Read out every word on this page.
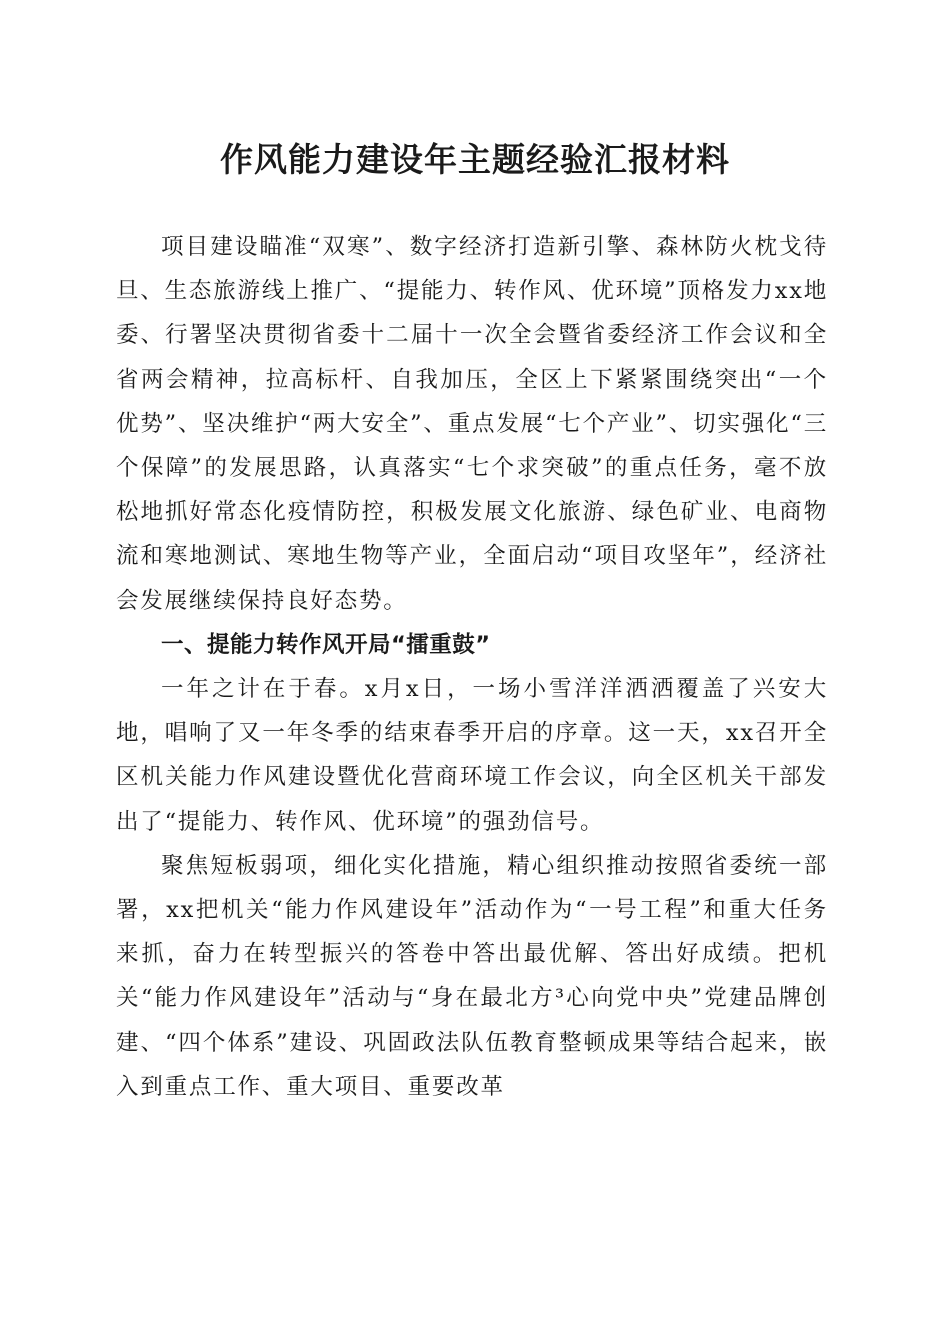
作风能力建设年主题经验汇报材料

项目建设瞄准“双寒”、数字经济打造新引擎、森林防火枕戈待旦、生态旅游线上推广、“提能力、转作风、优环境”顶格发力xx地委、行署坚决贯彻省委十二届十一次全会暨省委经济工作会议和全省两会精神，拉高标杆、自我加压，全区上下紧紧围绕突出“一个优势”、坚决维护“两大安全”、重点发展“七个产业”、切实强化“三个保障”的发展思路，认真落实“七个求突破”的重点任务，毫不放松地抓好常态化疫情防控，积极发展文化旅游、绿色矿业、电商物流和寒地测试、寒地生物等产业，全面启动“项目攻坚年”，经济社会发展继续保持良好态势。

一、提能力转作风开局“擂重鼓”

一年之计在于春。x月x日，一场小雪洋洋洒洒覆盖了兴安大地，唱响了又一年冬季的结束春季开启的序章。这一天，xx召开全区机关能力作风建设暨优化营商环境工作会议，向全区机关干部发出了“提能力、转作风、优环境”的强劲信号。

聚焦短板弱项，细化实化措施，精心组织推动按照省委统一部署，xx把机关“能力作风建设年”活动作为“一号工程”和重大任务来抓，奋力在转型振兴的答卷中答出最优解、答出好成绩。把机关“能力作风建设年”活动与“身在最北方³心向党中央”党建品牌创建、“四个体系”建设、巩固政法队伍教育整顿成果等结合起来，嵌入到重点工作、重大项目、重要改革
